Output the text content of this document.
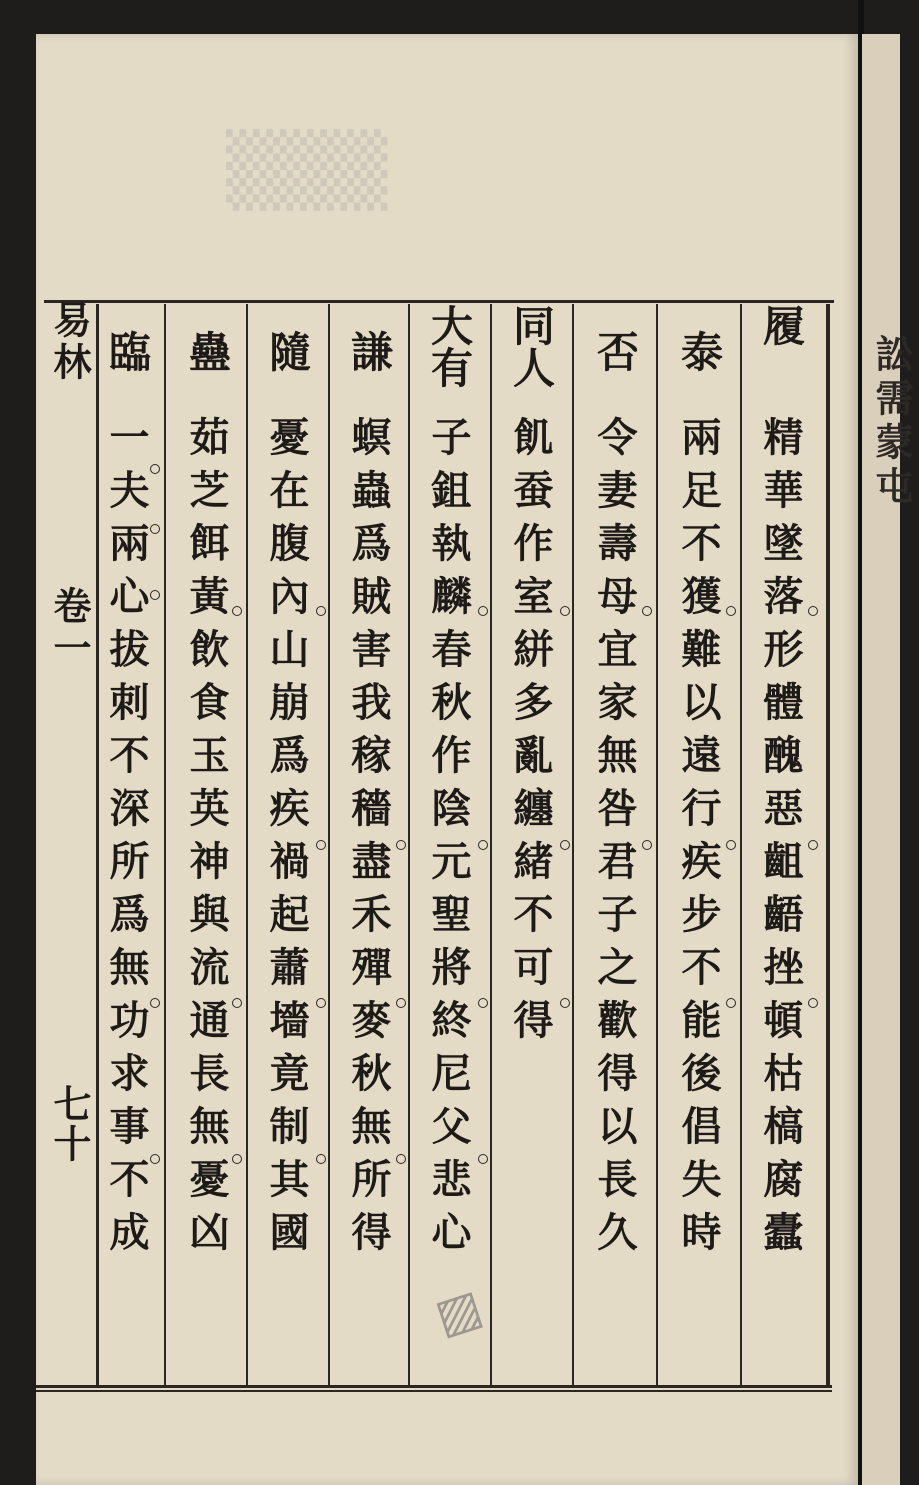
訟需蒙屯
▒▒▒
履
精華墜落形體醜惡齟齬挫頓枯槁腐蠹
泰
兩足不獲難以遠行疾步不能後倡失時
否
令妻壽母宜家無咎君子之歡得以長久
同人
飢蚕作室絣多亂纏緒不可得
大有
子鉏執麟春秋作陰元聖將終尼父悲心
謙
螟蟲爲賊害我稼穡盡禾殫麥秋無所得
隨
憂在腹內山崩爲疾禍起蕭墻竟制其國
蠱
茹芝餌黃飲食玉英神與流通長無憂凶
臨
一夫兩心拔刺不深所爲無功求事不成
易林
卷一
七十
▨
